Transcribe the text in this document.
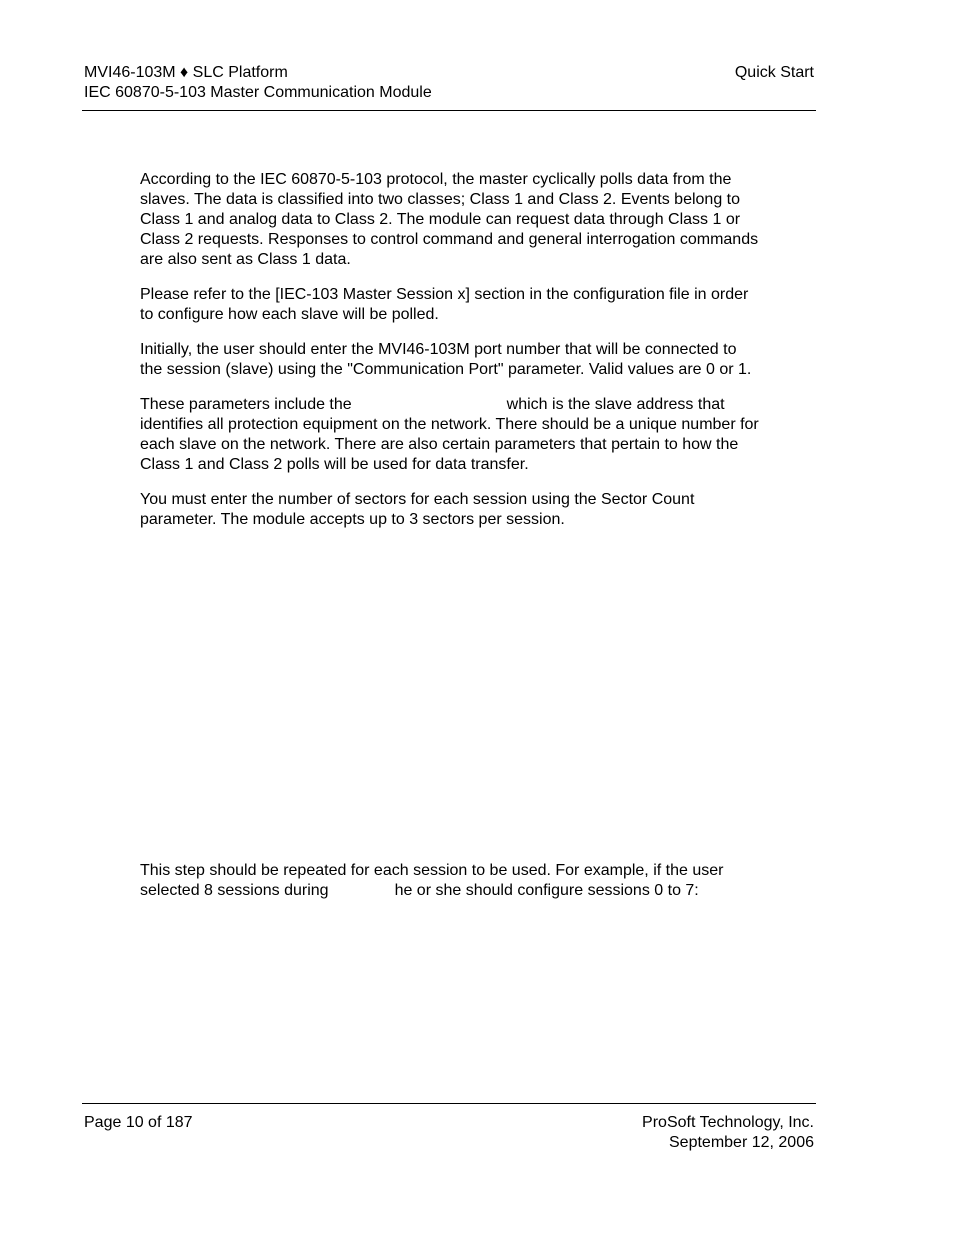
MVI46-103M ♦ SLC Platform
IEC 60870-5-103 Master Communication Module
Quick Start

According to the IEC 60870-5-103 protocol, the master cyclically polls data from the slaves. The data is classified into two classes; Class 1 and Class 2. Events belong to Class 1 and analog data to Class 2. The module can request data through Class 1 or Class 2 requests. Responses to control command and general interrogation commands are also sent as Class 1 data.

Please refer to the [IEC-103 Master Session x] section in the configuration file in order to configure how each slave will be polled.

Initially, the user should enter the MVI46-103M port number that will be connected to the session (slave) using the "Communication Port" parameter. Valid values are 0 or 1.

These parameters include the	which is the slave address that identifies all protection equipment on the network. There should be a unique number for each slave on the network. There are also certain parameters that pertain to how the Class 1 and Class 2 polls will be used for data transfer.

You must enter the number of sectors for each session using the Sector Count parameter. The module accepts up to 3 sectors per session.

This step should be repeated for each session to be used. For example, if the user selected 8 sessions during	he or she should configure sessions 0 to 7:

Page 10 of 187	ProSoft Technology, Inc.
September 12, 2006
